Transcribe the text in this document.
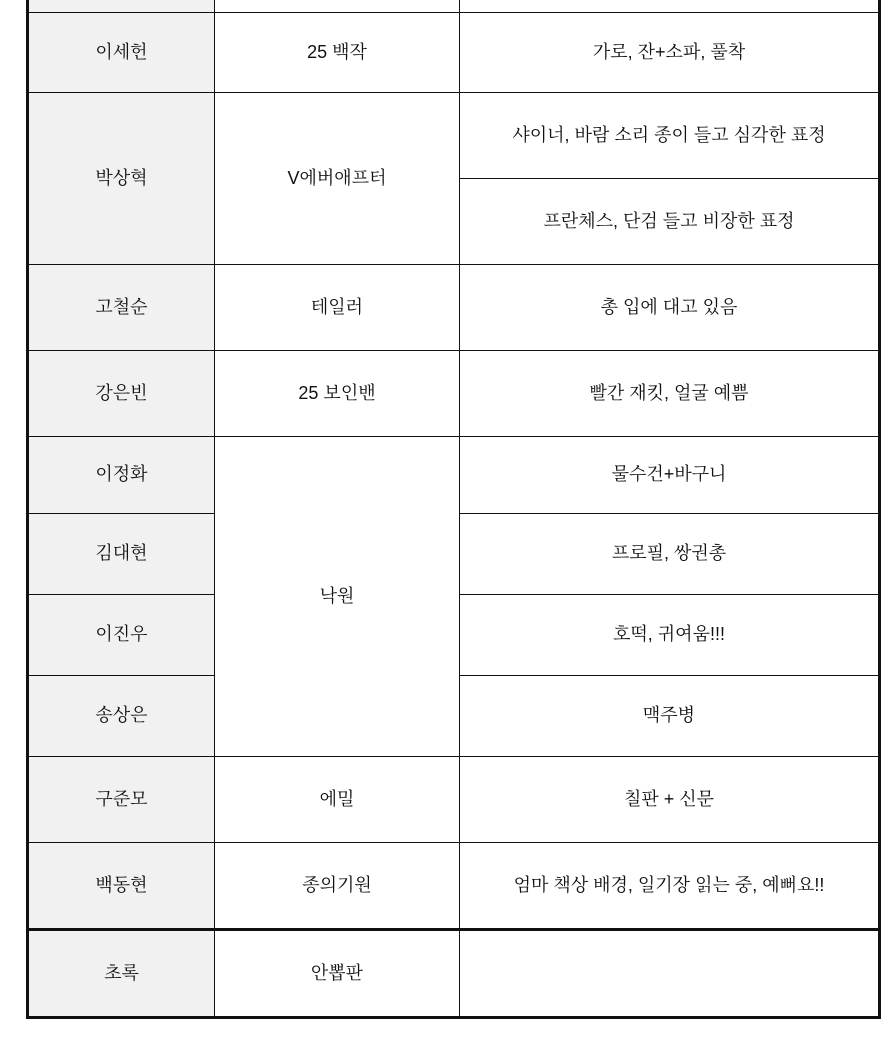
이세헌	25 백작	가로, 잔+소파, 풀착
박상혁	V에버애프터	샤이너, 바람 소리 종이 들고 심각한 표정
		프란체스, 단검 들고 비장한 표정
고철순	테일러	총 입에 대고 있음
강은빈	25 보인밴	빨간 재킷, 얼굴 예쁨
이정화	낙원	물수건+바구니
김대현		프로필, 쌍권총
이진우		호떡, 귀여움!!!
송상은		맥주병
구준모	에밀	칠판 + 신문
백동현	종의기원	엄마 책상 배경, 일기장 읽는 중, 예뻐요!!
초록	안뽑판	
